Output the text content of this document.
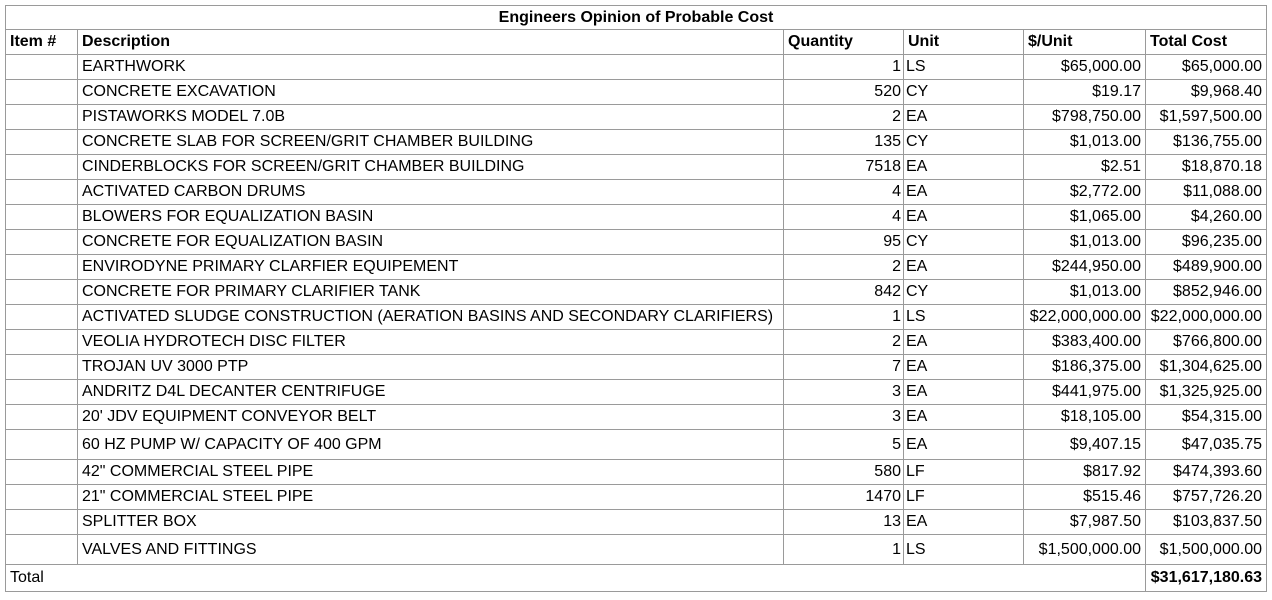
Engineers Opinion of Probable Cost					
Item #	Description	Quantity	Unit	$/Unit	Total Cost
	EARTHWORK	1	LS	$65,000.00	$65,000.00
	CONCRETE EXCAVATION	520	CY	$19.17	$9,968.40
	PISTAWORKS MODEL 7.0B	2	EA	$798,750.00	$1,597,500.00
	CONCRETE SLAB FOR SCREEN/GRIT CHAMBER BUILDING	135	CY	$1,013.00	$136,755.00
	CINDERBLOCKS FOR SCREEN/GRIT CHAMBER BUILDING	7518	EA	$2.51	$18,870.18
	ACTIVATED CARBON DRUMS	4	EA	$2,772.00	$11,088.00
	BLOWERS FOR EQUALIZATION BASIN	4	EA	$1,065.00	$4,260.00
	CONCRETE FOR EQUALIZATION BASIN	95	CY	$1,013.00	$96,235.00
	ENVIRODYNE PRIMARY CLARFIER EQUIPEMENT	2	EA	$244,950.00	$489,900.00
	CONCRETE FOR PRIMARY CLARIFIER TANK	842	CY	$1,013.00	$852,946.00
	ACTIVATED SLUDGE CONSTRUCTION (AERATION BASINS AND SECONDARY CLARIFIERS)	1	LS	$22,000,000.00	$22,000,000.00
	VEOLIA HYDROTECH DISC FILTER	2	EA	$383,400.00	$766,800.00
	TROJAN UV 3000 PTP	7	EA	$186,375.00	$1,304,625.00
	ANDRITZ D4L DECANTER CENTRIFUGE	3	EA	$441,975.00	$1,325,925.00
	20' JDV EQUIPMENT CONVEYOR BELT	3	EA	$18,105.00	$54,315.00
	60 HZ PUMP W/ CAPACITY OF 400 GPM	5	EA	$9,407.15	$47,035.75
	42" COMMERCIAL STEEL PIPE	580	LF	$817.92	$474,393.60
	21" COMMERCIAL STEEL PIPE	1470	LF	$515.46	$757,726.20
	SPLITTER BOX	13	EA	$7,987.50	$103,837.50
	VALVES AND FITTINGS	1	LS	$1,500,000.00	$1,500,000.00
Total					$31,617,180.63
